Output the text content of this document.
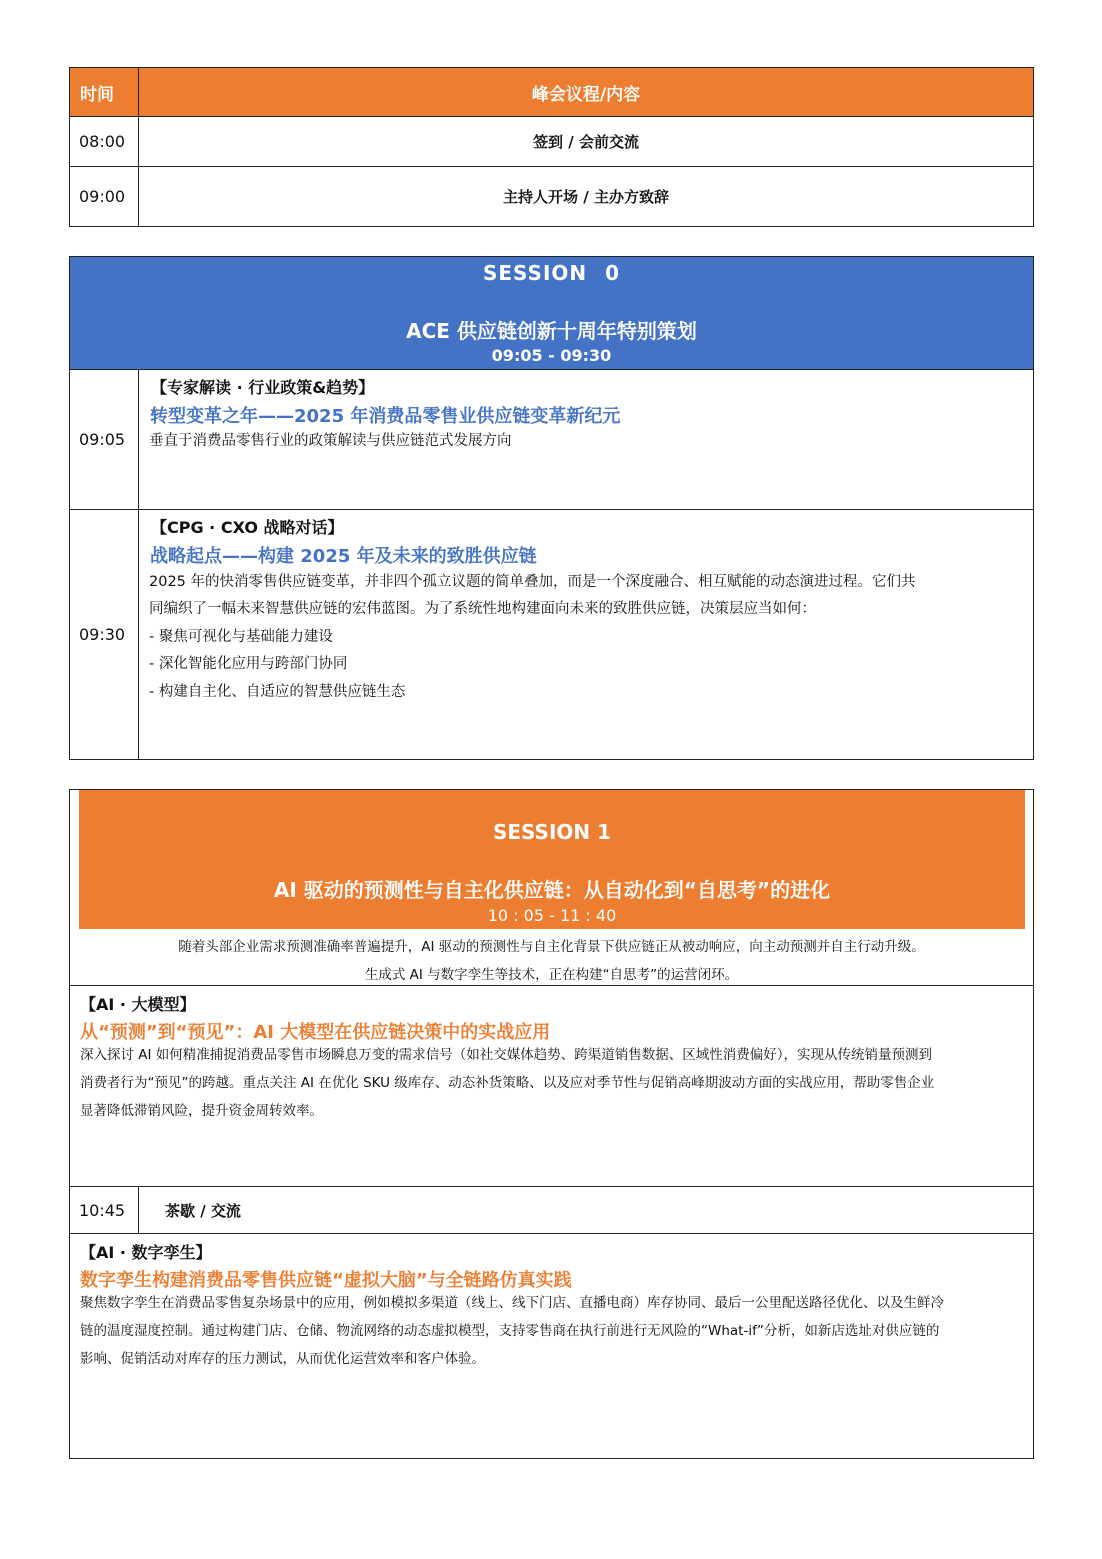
时间	峰会议程/内容
08:00	签到 / 会前交流
09:00	主持人开场 / 主办方致辞
SESSION 0
ACE 供应链创新十周年特别策划
09:05 - 09:30
09:05
【专家解读 · 行业政策&趋势】
转型变革之年——2025 年消费品零售业供应链变革新纪元
垂直于消费品零售行业的政策解读与供应链范式发展方向
09:30
【CPG · CXO 战略对话】
战略起点——构建 2025 年及未来的致胜供应链
2025 年的快消零售供应链变革，并非四个孤立议题的简单叠加，而是一个深度融合、相互赋能的动态演进过程。它们共
同编织了一幅未来智慧供应链的宏伟蓝图。为了系统性地构建面向未来的致胜供应链，决策层应当如何：
- 聚焦可视化与基础能力建设
- 深化智能化应用与跨部门协同
- 构建自主化、自适应的智慧供应链生态
SESSION 1
AI 驱动的预测性与自主化供应链：从自动化到“自思考”的进化
10 : 05 - 11 : 40
随着头部企业需求预测准确率普遍提升，AI 驱动的预测性与自主化背景下供应链正从被动响应，向主动预测并自主行动升级。
生成式 AI 与数字孪生等技术，正在构建“自思考”的运营闭环。
【AI · 大模型】
从“预测”到“预见”：AI 大模型在供应链决策中的实战应用
深入探讨 AI 如何精准捕捉消费品零售市场瞬息万变的需求信号（如社交媒体趋势、跨渠道销售数据、区域性消费偏好），实现从传统销量预测到
消费者行为“预见”的跨越。重点关注 AI 在优化 SKU 级库存、动态补货策略、以及应对季节性与促销高峰期波动方面的实战应用，帮助零售企业
显著降低滞销风险，提升资金周转效率。
10:45	茶歇 / 交流
【AI · 数字孪生】
数字孪生构建消费品零售供应链“虚拟大脑”与全链路仿真实践
聚焦数字孪生在消费品零售复杂场景中的应用，例如模拟多渠道（线上、线下门店、直播电商）库存协同、最后一公里配送路径优化、以及生鲜冷
链的温度湿度控制。通过构建门店、仓储、物流网络的动态虚拟模型，支持零售商在执行前进行无风险的“What-if”分析，如新店选址对供应链的
影响、促销活动对库存的压力测试，从而优化运营效率和客户体验。
